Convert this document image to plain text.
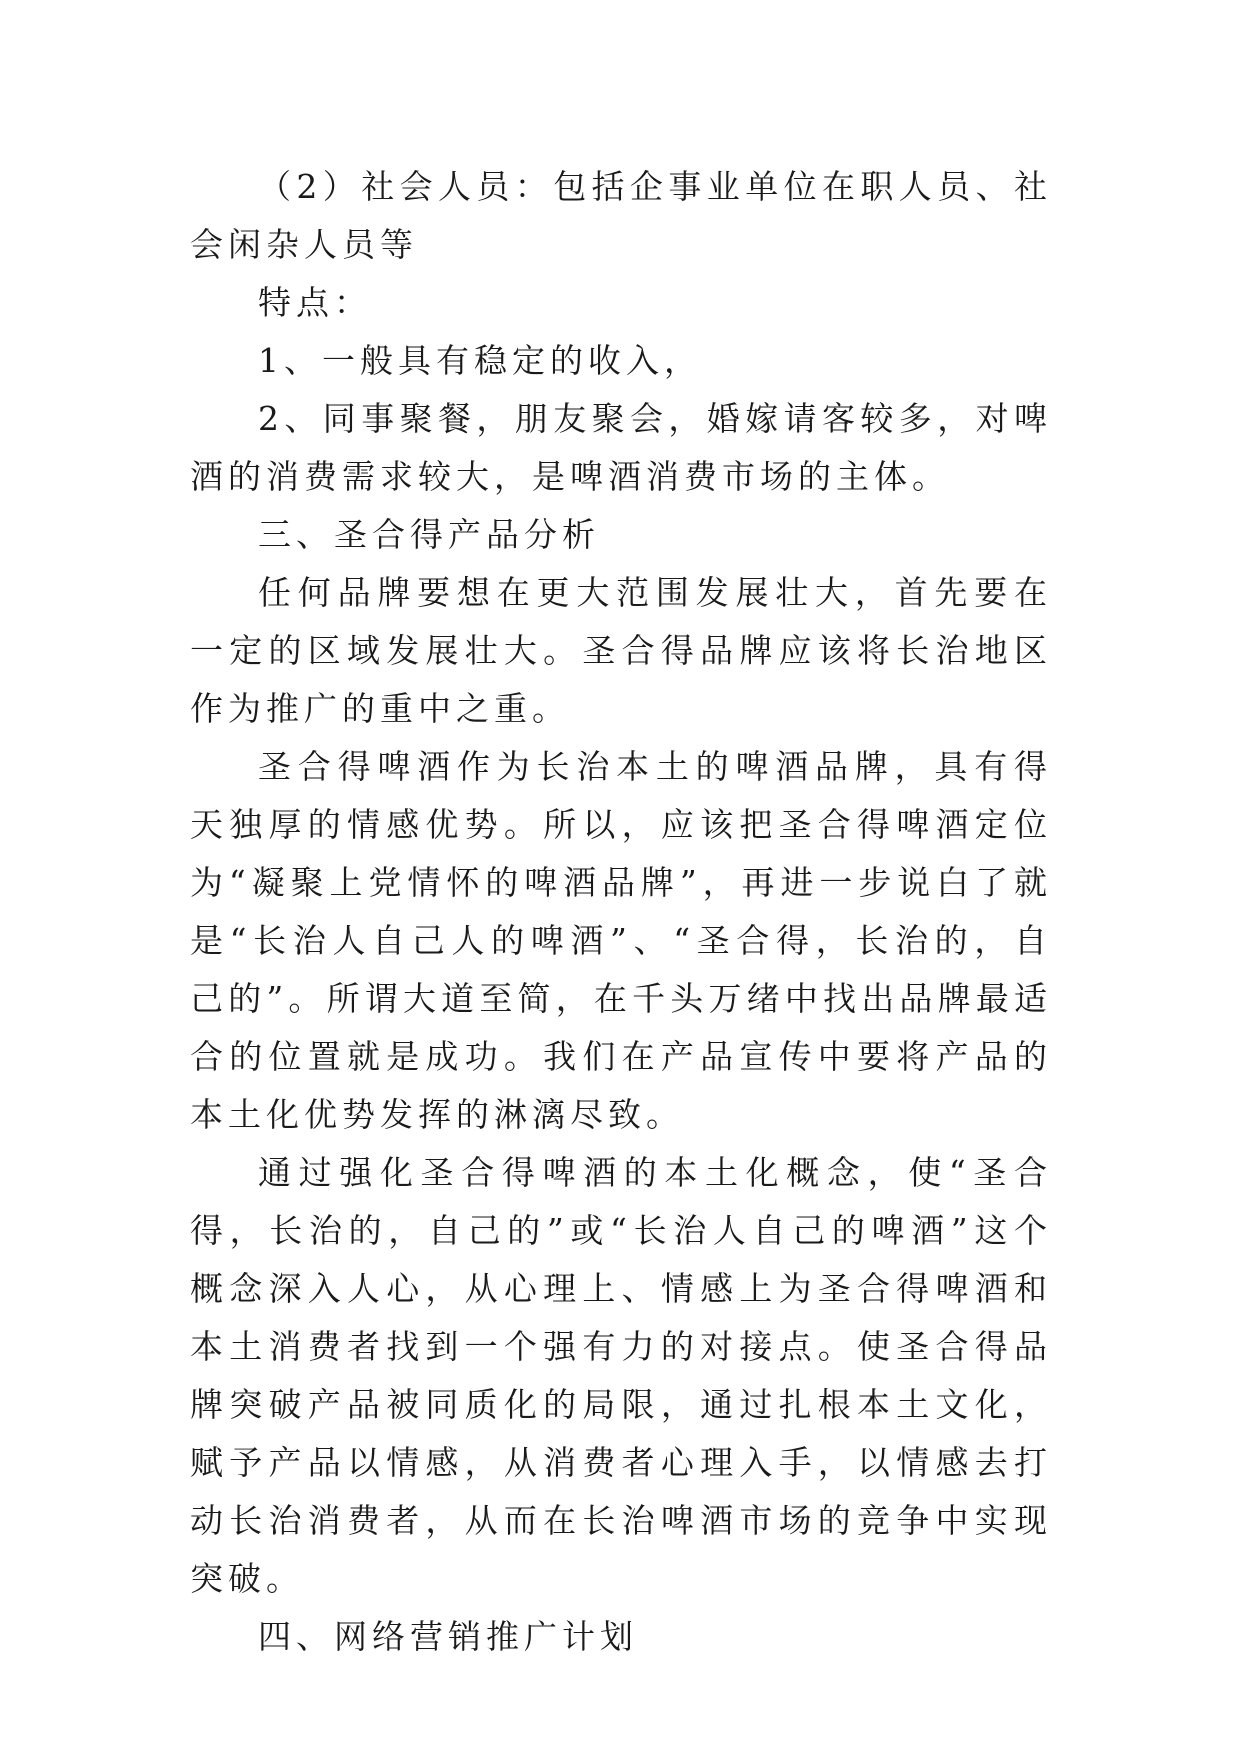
（2）社会人员：包括企事业单位在职人员、社会闲杂人员等

特点：

1、一般具有稳定的收入，

2、同事聚餐，朋友聚会，婚嫁请客较多，对啤酒的消费需求较大，是啤酒消费市场的主体。

三、圣合得产品分析

任何品牌要想在更大范围发展壮大，首先要在一定的区域发展壮大。圣合得品牌应该将长治地区作为推广的重中之重。

圣合得啤酒作为长治本土的啤酒品牌，具有得天独厚的情感优势。所以，应该把圣合得啤酒定位为“凝聚上党情怀的啤酒品牌”，再进一步说白了就是“长治人自己人的啤酒”、“圣合得，长治的，自己的”。所谓大道至简，在千头万绪中找出品牌最适合的位置就是成功。我们在产品宣传中要将产品的本土化优势发挥的淋漓尽致。

通过强化圣合得啤酒的本土化概念，使“圣合得，长治的，自己的”或“长治人自己的啤酒”这个概念深入人心，从心理上、情感上为圣合得啤酒和本土消费者找到一个强有力的对接点。使圣合得品牌突破产品被同质化的局限，通过扎根本土文化，赋予产品以情感，从消费者心理入手，以情感去打动长治消费者，从而在长治啤酒市场的竞争中实现突破。

四、网络营销推广计划
